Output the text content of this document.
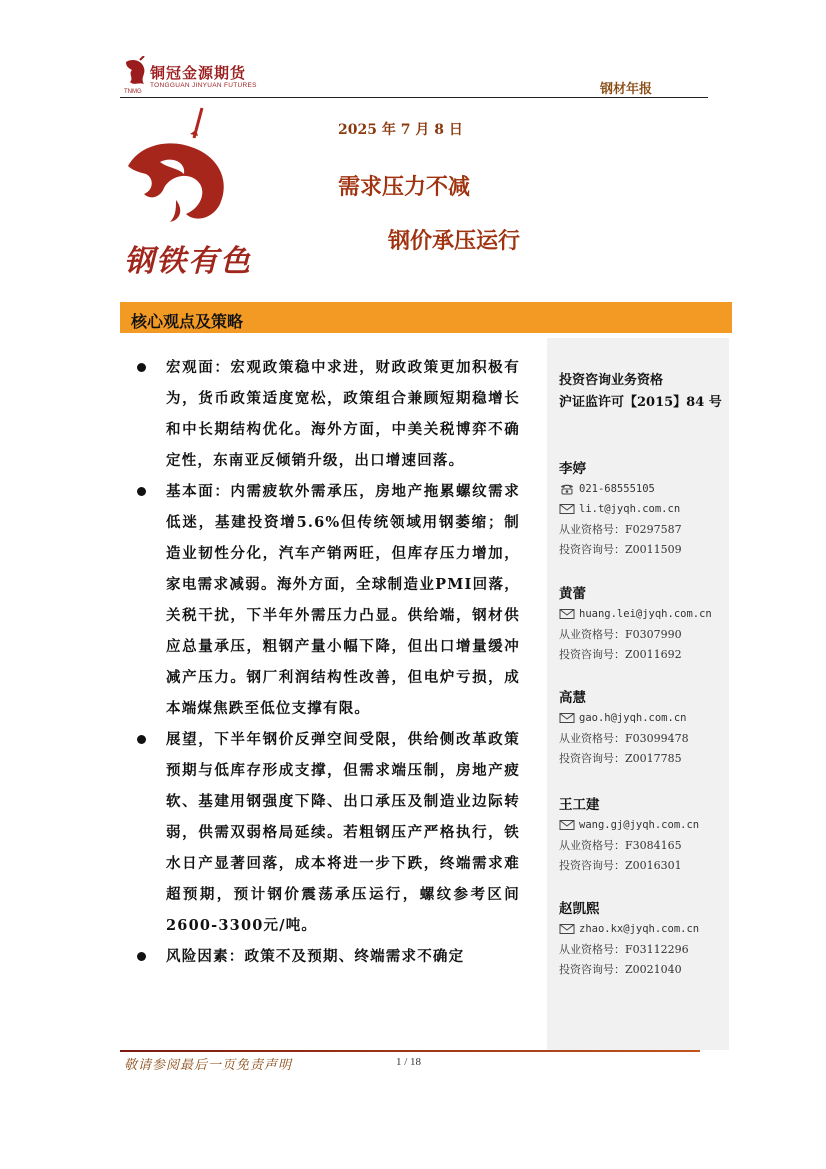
铜冠金源期货
TONGGUAN JINYUAN FUTURES
TNMG	钢材年报
钢铁有色
2025 年 7 月 8 日
需求压力不减
钢价承压运行
核心观点及策略
宏观面：宏观政策稳中求进，财政政策更加积极有为，货币政策适度宽松，政策组合兼顾短期稳增长和中长期结构优化。海外方面，中美关税博弈不确定性，东南亚反倾销升级，出口增速回落。
基本面：内需疲软外需承压，房地产拖累螺纹需求低迷，基建投资增5.6%但传统领域用钢萎缩；制造业韧性分化，汽车产销两旺，但库存压力增加，家电需求减弱。海外方面，全球制造业PMI回落，关税干扰，下半年外需压力凸显。供给端，钢材供应总量承压，粗钢产量小幅下降，但出口增量缓冲减产压力。钢厂利润结构性改善，但电炉亏损，成本端煤焦跌至低位支撑有限。
展望，下半年钢价反弹空间受限，供给侧改革政策预期与低库存形成支撑，但需求端压制，房地产疲软、基建用钢强度下降、出口承压及制造业边际转弱，供需双弱格局延续。若粗钢压产严格执行，铁水日产显著回落，成本将进一步下跌，终端需求难超预期，预计钢价震荡承压运行，螺纹参考区间2600-3300元/吨。
风险因素：政策不及预期、终端需求不确定
投资咨询业务资格
沪证监许可【2015】84 号
李婷
021-68555105
li.t@jyqh.com.cn
从业资格号：F0297587
投资咨询号：Z0011509
黄蕾
huang.lei@jyqh.com.cn
从业资格号：F0307990
投资咨询号：Z0011692
高慧
gao.h@jyqh.com.cn
从业资格号：F03099478
投资咨询号：Z0017785
王工建
wang.gj@jyqh.com.cn
从业资格号：F3084165
投资咨询号：Z0016301
赵凯熙
zhao.kx@jyqh.com.cn
从业资格号：F03112296
投资咨询号：Z0021040
敬请参阅最后一页免责声明	1 / 18
